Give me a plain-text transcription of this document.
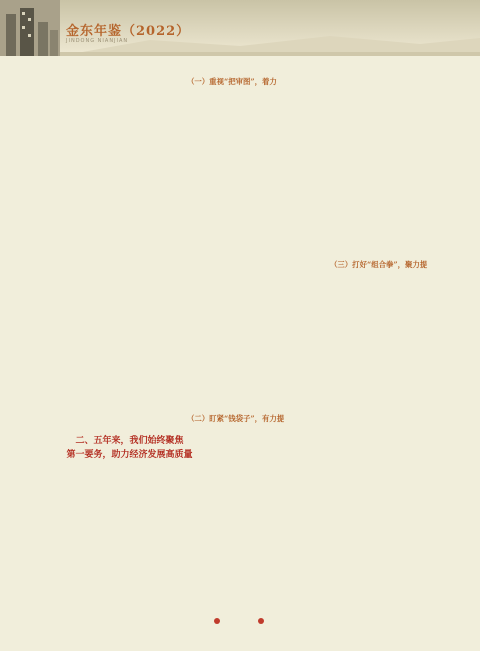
金东年鉴（2022）
JINDONG NIANJIAN
二、五年来，我们始终聚焦
第一要务，助力经济发展高质量
（一）重视“把审图”，着力
（二）盯紧“钱袋子”，有力提
（三）打好“组合拳”，聚力提
